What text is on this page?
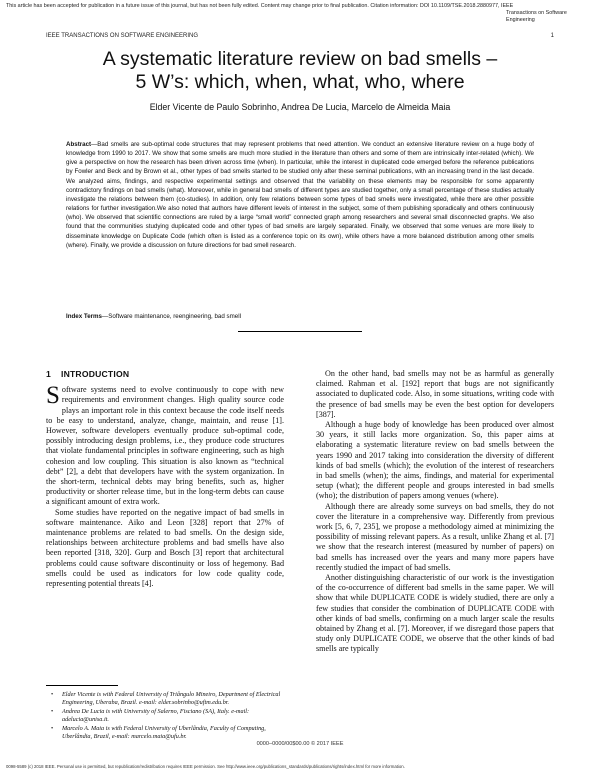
This article has been accepted for publication in a future issue of this journal, but has not been fully edited. Content may change prior to final publication. Citation information: DOI 10.1109/TSE.2018.2880977, IEEE
Transactions on Software Engineering
IEEE TRANSACTIONS ON SOFTWARE ENGINEERING	1
A systematic literature review on bad smells –
5 W’s: which, when, what, who, where
Elder Vicente de Paulo Sobrinho, Andrea De Lucia, Marcelo de Almeida Maia
Abstract—Bad smells are sub-optimal code structures that may represent problems that need attention. We conduct an extensive literature review on a huge body of knowledge from 1990 to 2017. We show that some smells are much more studied in the literature than others and some of them are intrinsically inter-related (which). We give a perspective on how the research has been driven across time (when). In particular, while the interest in duplicated code emerged before the reference publications by Fowler and Beck and by Brown et al., other types of bad smells started to be studied only after these seminal publications, with an increasing trend in the last decade. We analyzed aims, findings, and respective experimental settings and observed that the variability on these elements may be responsible for some apparently contradictory findings on bad smells (what). Moreover, while in general bad smells of different types are studied together, only a small percentage of these studies actually investigate the relations between them (co-studies). In addition, only few relations between some types of bad smells were investigated, while there are other possible relations for further investigation.We also noted that authors have different levels of interest in the subject, some of them publishing sporadically and others continuously (who). We observed that scientific connections are ruled by a large “small world” connected graph among researchers and several small disconnected graphs. We also found that the communities studying duplicated code and other types of bad smells are largely separated. Finally, we observed that some venues are more likely to disseminate knowledge on Duplicate Code (which often is listed as a conference topic on its own), while others have a more balanced distribution among other smells (where). Finally, we provide a discussion on future directions for bad smell research.
Index Terms—Software maintenance, reengineering, bad smell
1 INTRODUCTION

Software systems need to evolve continuously to cope with new requirements and environment changes. High quality source code plays an important role in this context because the code itself needs to be easy to understand, analyze, change, maintain, and reuse [1]. However, software developers eventually produce sub-optimal code, possibly introducing design problems, i.e., they produce code structures that violate fundamental principles in software engineering, such as high cohesion and low coupling. This situation is also known as “technical debt” [2], a debt that developers have with the system organization. In the short-term, technical debts may bring benefits, such as, higher productivity or shorter release time, but in the long-term debts can cause a significant amount of extra work.

Some studies have reported on the negative impact of bad smells in software maintenance. Aiko and Leon [328] report that 27% of maintenance problems are related to bad smells. On the design side, relationships between architecture problems and bad smells have also been reported [318, 320]. Gurp and Bosch [3] report that architectural problems could cause software discontinuity or loss of hegemony. Bad smells could be used as indicators for low code quality code, representing potential threats [4].

On the other hand, bad smells may not be as harmful as generally claimed. Rahman et al. [192] report that bugs are not significantly associated to duplicated code. Also, in some situations, writing code with the presence of bad smells may be even the best option for developers [387].

Although a huge body of knowledge has been produced over almost 30 years, it still lacks more organization. So, this paper aims at elaborating a systematic literature review on bad smells between the years 1990 and 2017 taking into consideration the diversity of different kinds of bad smells (which); the evolution of the interest of researchers in bad smells (when); the aims, findings, and material for experimental setup (what); the different people and groups interested in bad smells (who); the distribution of papers among venues (where).

Although there are already some surveys on bad smells, they do not cover the literature in a comprehensive way. Differently from previous work [5, 6, 7, 235], we propose a methodology aimed at minimizing the possibility of missing relevant papers. As a result, unlike Zhang et al. [7] we show that the research interest (measured by number of papers) on bad smells has increased over the years and many more papers have recently studied the impact of bad smells.

Another distinguishing characteristic of our work is the investigation of the co-occurrence of different bad smells in the same paper. We will show that while DUPLICATE CODE is widely studied, there are only a few studies that consider the combination of DUPLICATE CODE with other kinds of bad smells, confirming on a much larger scale the results obtained by Zhang et al. [7]. Moreover, if we disregard those papers that study only DUPLICATE CODE, we observe that the other kinds of bad smells are typically

• Elder Vicente is with Federal University of Triângulo Mineiro, Department of Electrical Engineering, Uberaba, Brazil. e-mail: elder.sobrinho@uftm.edu.br.
• Andrea De Lucia is with University of Salerno, Fisciano (SA), Italy. e-mail: adelucia@unisa.it.
• Marcelo A. Maia is with Federal University of Uberlândia, Faculty of Computing, Uberlândia, Brazil, e-mail: marcelo.maia@ufu.br.
0000–0000/00$00.00 © 2017 IEEE
0098-5589 (c) 2018 IEEE. Personal use is permitted, but republication/redistribution requires IEEE permission. See http://www.ieee.org/publications_standards/publications/rights/index.html for more information.
